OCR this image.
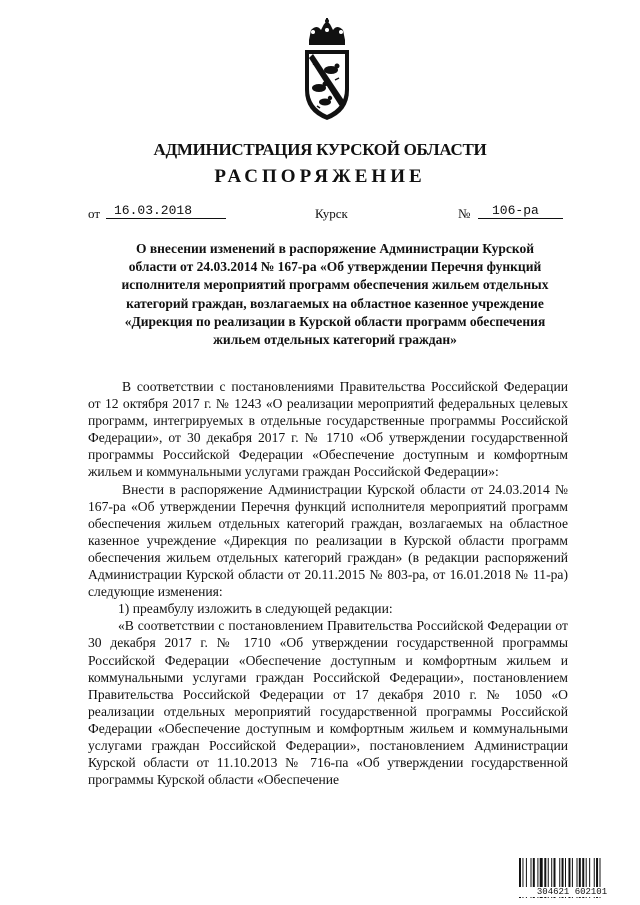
АДМИНИСТРАЦИЯ КУРСКОЙ ОБЛАСТИ
РАСПОРЯЖЕНИЕ
от	16.03.2018	Курск	№	106-ра
О внесении изменений в распоряжение Администрации Курской
области от 24.03.2014 № 167-ра «Об утверждении Перечня функций
исполнителя мероприятий программ обеспечения жильем отдельных
категорий граждан, возлагаемых на областное казенное учреждение
«Дирекция по реализации в Курской области программ обеспечения
жильем отдельных категорий граждан»

В соответствии с постановлениями Правительства Российской Федерации от 12 октября 2017 г. № 1243 «О реализации мероприятий федеральных целевых программ, интегрируемых в отдельные государственные программы Российской Федерации», от 30 декабря 2017 г. № 1710 «Об утверждении государственной программы Российской Федерации «Обеспечение доступным и комфортным жильем и коммунальными услугами граждан Российской Федерации»:

Внести в распоряжение Администрации Курской области от 24.03.2014 № 167-ра «Об утверждении Перечня функций исполнителя мероприятий программ обеспечения жильем отдельных категорий граждан, возлагаемых на областное казенное учреждение «Дирекция по реализации в Курской области программ обеспечения жильем отдельных категорий граждан» (в редакции распоряжений Администрации Курской области от 20.11.2015 № 803-ра, от 16.01.2018 № 11-ра) следующие изменения:

1) преамбулу изложить в следующей редакции:

«В соответствии с постановлением Правительства Российской Федерации от 30 декабря 2017 г. № 1710 «Об утверждении государственной программы Российской Федерации «Обеспечение доступным и комфортным жильем и коммунальными услугами граждан Российской Федерации», постановлением Правительства Российской Федерации от 17 декабря 2010 г. № 1050 «О реализации отдельных мероприятий государственной программы Российской Федерации «Обеспечение доступным и комфортным жильем и коммунальными услугами граждан Российской Федерации», постановлением Администрации Курской области от 11.10.2013 № 716-па «Об утверждении государственной программы Курской области «Обеспечение

304621 602101
